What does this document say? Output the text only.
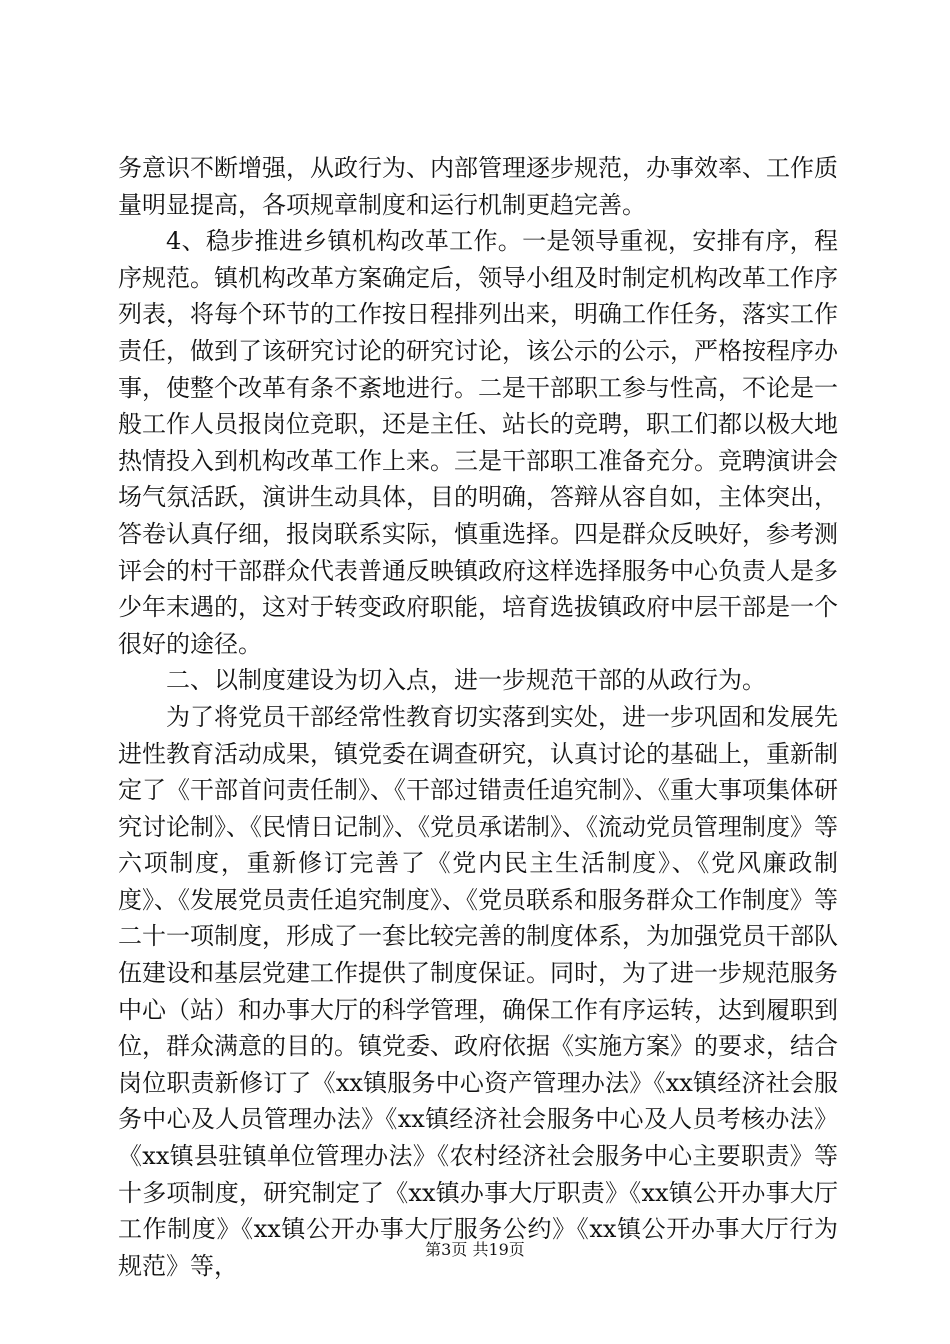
务意识不断增强，从政行为、内部管理逐步规范，办事效率、工作质量明显提高，各项规章制度和运行机制更趋完善。

4、稳步推进乡镇机构改革工作。一是领导重视，安排有序，程序规范。镇机构改革方案确定后，领导小组及时制定机构改革工作序列表，将每个环节的工作按日程排列出来，明确工作任务，落实工作责任，做到了该研究讨论的研究讨论，该公示的公示，严格按程序办事，使整个改革有条不紊地进行。二是干部职工参与性高，不论是一般工作人员报岗位竞职，还是主任、站长的竞聘，职工们都以极大地热情投入到机构改革工作上来。三是干部职工准备充分。竞聘演讲会场气氛活跃，演讲生动具体，目的明确，答辩从容自如，主体突出，答卷认真仔细，报岗联系实际，慎重选择。四是群众反映好，参考测评会的村干部群众代表普通反映镇政府这样选择服务中心负责人是多少年末遇的，这对于转变政府职能，培育选拔镇政府中层干部是一个很好的途径。

二、以制度建设为切入点，进一步规范干部的从政行为。

为了将党员干部经常性教育切实落到实处，进一步巩固和发展先进性教育活动成果，镇党委在调查研究，认真讨论的基础上，重新制定了《干部首问责任制》、《干部过错责任追究制》、《重大事项集体研究讨论制》、《民情日记制》、《党员承诺制》、《流动党员管理制度》等六项制度，重新修订完善了《党内民主生活制度》、《党风廉政制度》、《发展党员责任追究制度》、《党员联系和服务群众工作制度》等二十一项制度，形成了一套比较完善的制度体系，为加强党员干部队伍建设和基层党建工作提供了制度保证。同时，为了进一步规范服务中心（站）和办事大厅的科学管理，确保工作有序运转，达到履职到位，群众满意的目的。镇党委、政府依据《实施方案》的要求，结合岗位职责新修订了《xx镇服务中心资产管理办法》《xx镇经济社会服务中心及人员管理办法》《xx镇经济社会服务中心及人员考核办法》《xx镇县驻镇单位管理办法》《农村经济社会服务中心主要职责》等十多项制度，研究制定了《xx镇办事大厅职责》《xx镇公开办事大厅工作制度》《xx镇公开办事大厅服务公约》《xx镇公开办事大厅行为规范》等，

第3页 共19页
